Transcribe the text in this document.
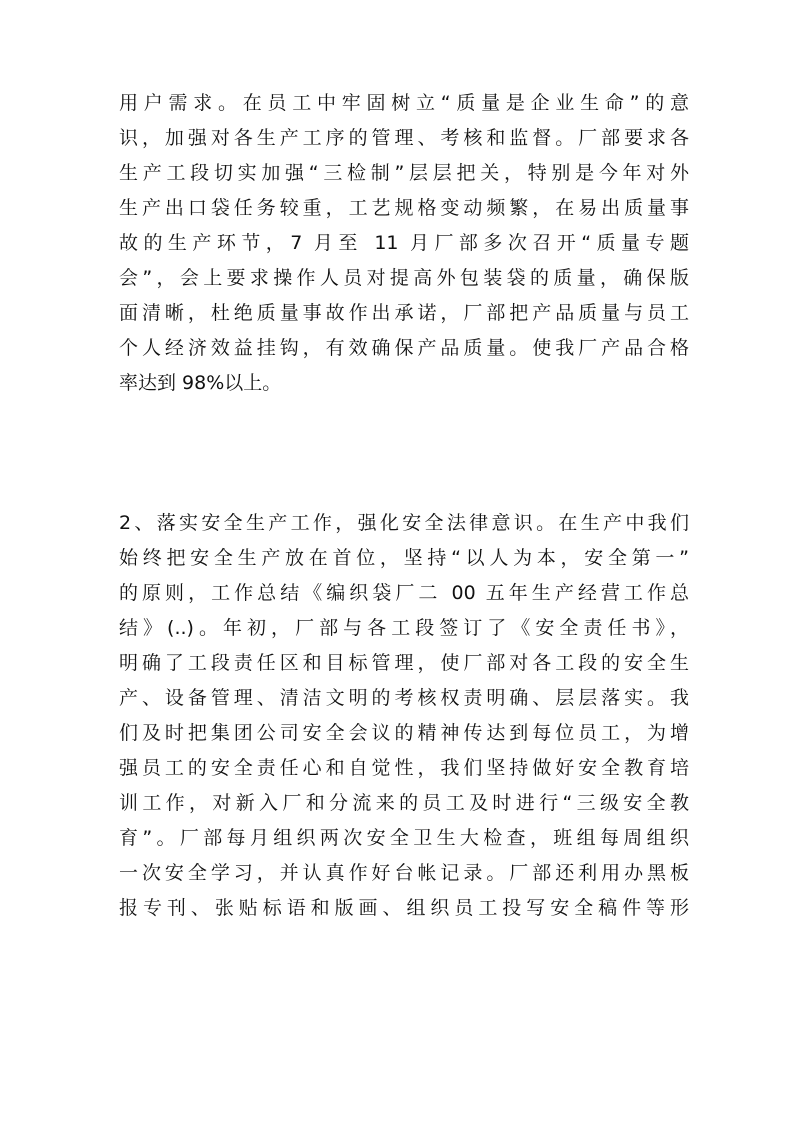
用户需求。在员工中牢固树立“质量是企业生命”的意
识，加强对各生产工序的管理、考核和监督。厂部要求各
生产工段切实加强“三检制”层层把关，特别是今年对外
生产出口袋任务较重，工艺规格变动频繁，在易出质量事
故的生产环节，7 月至 11 月厂部多次召开“质量专题
会”，会上要求操作人员对提高外包装袋的质量，确保版
面清晰，杜绝质量事故作出承诺，厂部把产品质量与员工
个人经济效益挂钩，有效确保产品质量。使我厂产品合格
率达到 98%以上。
2、落实安全生产工作，强化安全法律意识。在生产中我们
始终把安全生产放在首位，坚持“以人为本，安全第一”
的原则，工作总结《编织袋厂二 00 五年生产经营工作总
结》(..)。年初，厂部与各工段签订了《安全责任书》，
明确了工段责任区和目标管理，使厂部对各工段的安全生
产、设备管理、清洁文明的考核权责明确、层层落实。我
们及时把集团公司安全会议的精神传达到每位员工，为增
强员工的安全责任心和自觉性，我们坚持做好安全教育培
训工作，对新入厂和分流来的员工及时进行“三级安全教
育”。厂部每月组织两次安全卫生大检查，班组每周组织
一次安全学习，并认真作好台帐记录。厂部还利用办黑板
报专刊、张贴标语和版画、组织员工投写安全稿件等形
